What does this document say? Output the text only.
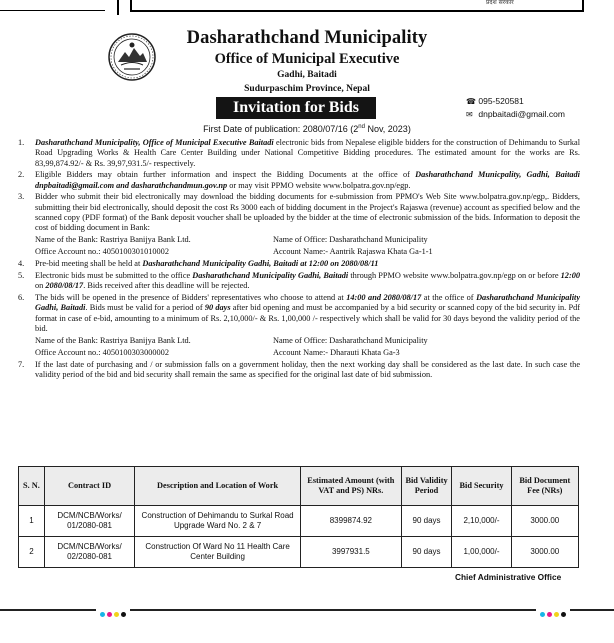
प्रदेश सरकार
Dasharathchand Municipality
Office of Municipal Executive
Gadhi, Baitadi
Sudurpaschim Province, Nepal
Invitation for Bids	☎ 095-520581
✉ dnpbaitadi@gmail.com
First Date of publication: 2080/07/16 (2nd Nov, 2023)
1. Dasharathchand Municipality, Office of Municipal Executive Baitadi electronic bids from Nepalese eligible bidders for the construction of Dehimandu to Surkal Road Upgrading Works & Health Care Center Building under National Competitive Bidding procedures. The estimated amount for the works are Rs. 83,99,874.92/- & Rs. 39,97,931.5/- respectively.
2. Eligible Bidders may obtain further information and inspect the Bidding Documents at the office of Dasharathchand Municpality, Gadhi, Baitadi dnpbaitadi@gmail.com and dasharathchandmun.gov.np or may visit PPMO website www.bolpatra.gov.np/egp.
3. Bidder who submit their bid electronically may download the bidding documents for e-submission from PPMO's Web Site www.bolpatra.gov.np/egp,. Bidders, submitting their bid electronically, should deposit the cost Rs 3000 each of bidding document in the Project's Rajaswa (revenue) account as specified below and the scanned copy (PDF format) of the Bank deposit voucher shall be uploaded by the bidder at the time of electronic submission of the bids. Information to deposit the cost of bidding document in Bank:
Name of the Bank: Rastriya Banijya Bank Ltd.	Name of Office: Dasharathchand Municipality
Office Account no.: 4050100301010002	Account Name:- Aantrik Rajaswa Khata Ga-1-1
4. Pre-bid meeting shall be held at Dasharathchand Municipality Gadhi, Baitadi at 12:00 on 2080/08/11
5. Electronic bids must be submitted to the office Dasharathchand Municipality Gadhi, Baitadi through PPMO website www.bolpatra.gov.np/egp on or before 12:00 on 2080/08/17. Bids received after this deadline will be rejected.
6. The bids will be opened in the presence of Bidders' representatives who choose to attend at 14:00 and 2080/08/17 at the office of Dasharathchand Municipality Gadhi, Baitadi. Bids must be valid for a period of 90 days after bid opening and must be accompanied by a bid security or scanned copy of the bid security in. Pdf format in case of e-bid, amounting to a minimum of Rs. 2,10,000/- & Rs. 1,00,000 /- respectively which shall be valid for 30 days beyond the validity period of the bid.
Name of the Bank: Rastriya Banijya Bank Ltd.	Name of Office: Dasharathchand Municipality
Office Account no.: 4050100303000002	Account Name:- Dharauti Khata Ga-3
7. If the last date of purchasing and / or submission falls on a government holiday, then the next working day shall be considered as the last date. In such case the validity period of the bid and bid security shall remain the same as specified for the original last date of bid submission.
S. N.	Contract ID	Description and Location of Work	Estimated Amount (with VAT and PS) NRs.	Bid Validity Period	Bid Security	Bid Document Fee (NRs)
1	DCM/NCB/Works/ 01/2080-081	Construction of Dehimandu to Surkal Road Upgrade Ward No. 2 & 7	8399874.92	90 days	2,10,000/-	3000.00
2	DCM/NCB/Works/ 02/2080-081	Construction Of Ward No 11 Health Care Center Building	3997931.5	90 days	1,00,000/-	3000.00
Chief Administrative Office
